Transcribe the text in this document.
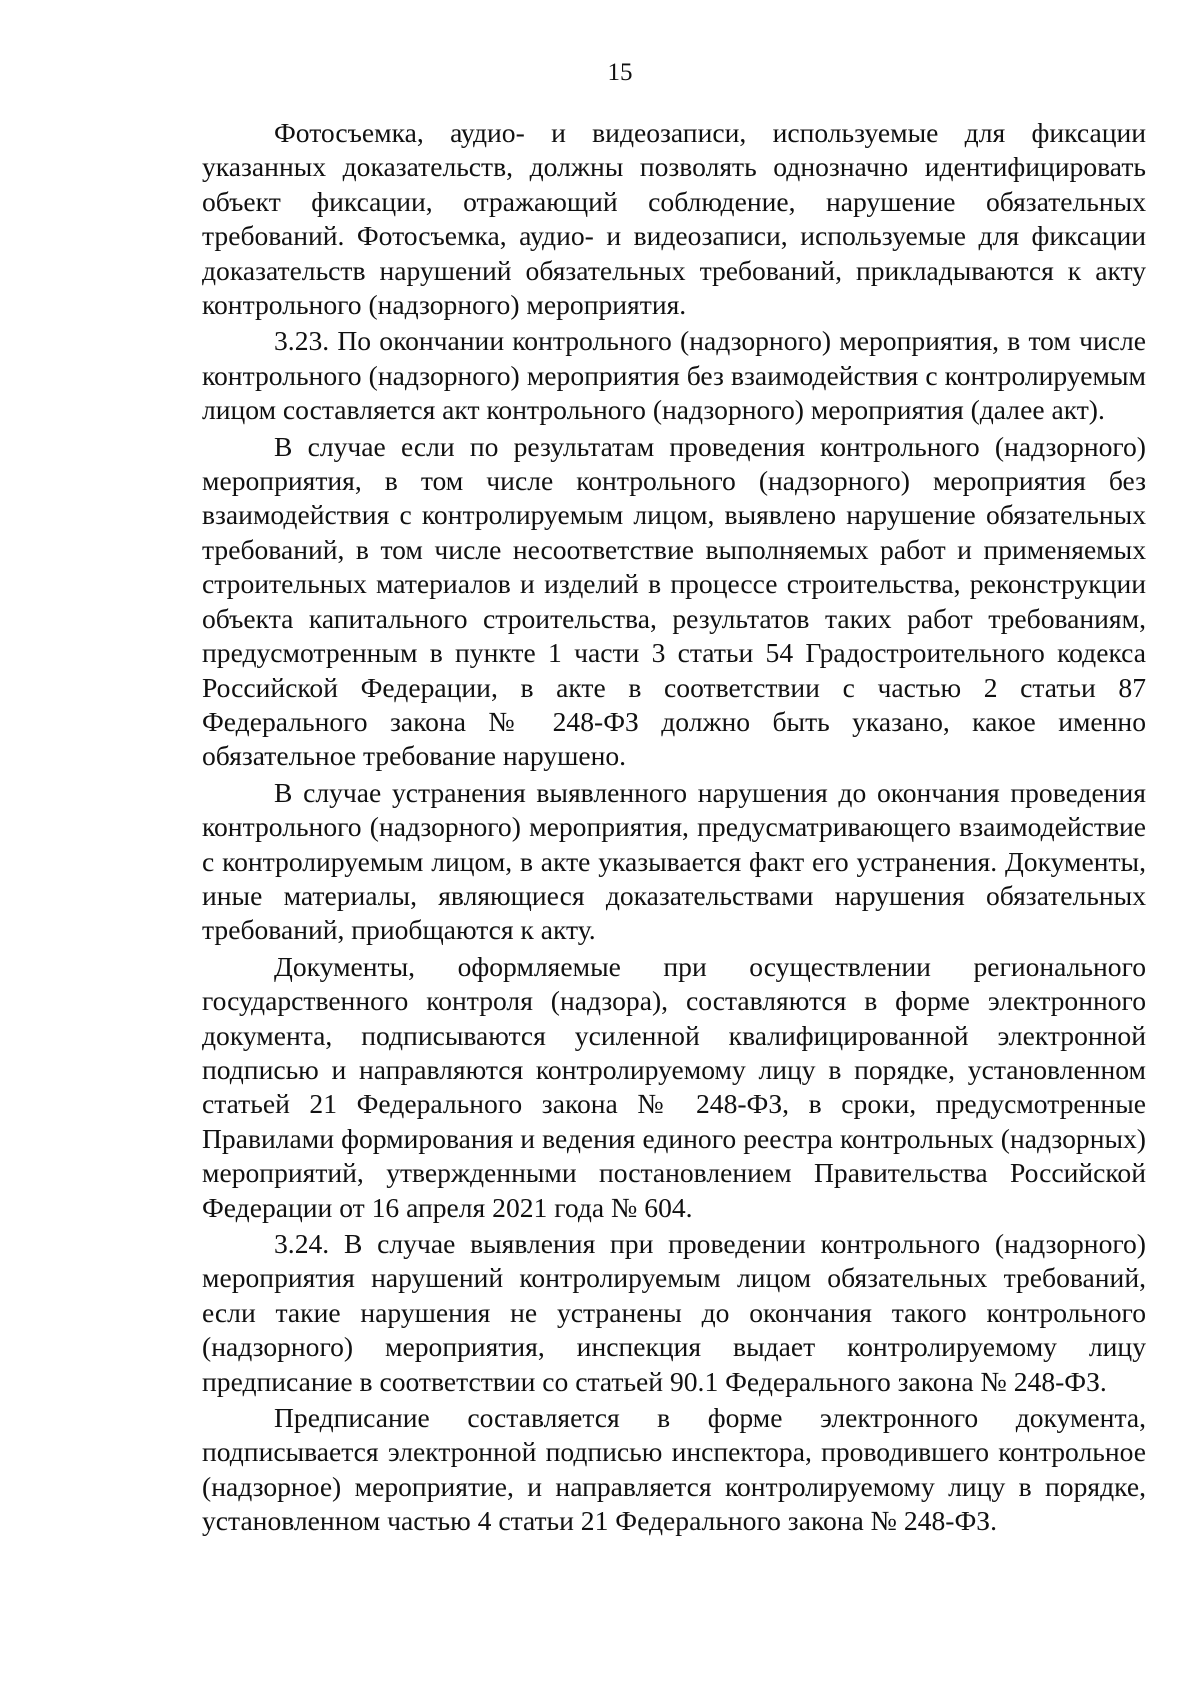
15

Фотосъемка, аудио- и видеозаписи, используемые для фиксации указанных доказательств, должны позволять однозначно идентифицировать объект фиксации, отражающий соблюдение, нарушение обязательных требований. Фотосъемка, аудио- и видеозаписи, используемые для фиксации доказательств нарушений обязательных требований, прикладываются к акту контрольного (надзорного) мероприятия.

3.23. По окончании контрольного (надзорного) мероприятия, в том числе контрольного (надзорного) мероприятия без взаимодействия с контролируемым лицом составляется акт контрольного (надзорного) мероприятия (далее акт).

В случае если по результатам проведения контрольного (надзорного) мероприятия, в том числе контрольного (надзорного) мероприятия без взаимодействия с контролируемым лицом, выявлено нарушение обязательных требований, в том числе несоответствие выполняемых работ и применяемых строительных материалов и изделий в процессе строительства, реконструкции объекта капитального строительства, результатов таких работ требованиям, предусмотренным в пункте 1 части 3 статьи 54 Градостроительного кодекса Российской Федерации, в акте в соответствии с частью 2 статьи 87 Федерального закона № 248-ФЗ должно быть указано, какое именно обязательное требование нарушено.

В случае устранения выявленного нарушения до окончания проведения контрольного (надзорного) мероприятия, предусматривающего взаимодействие с контролируемым лицом, в акте указывается факт его устранения. Документы, иные материалы, являющиеся доказательствами нарушения обязательных требований, приобщаются к акту.

Документы, оформляемые при осуществлении регионального государственного контроля (надзора), составляются в форме электронного документа, подписываются усиленной квалифицированной электронной подписью и направляются контролируемому лицу в порядке, установленном статьей 21 Федерального закона № 248-ФЗ, в сроки, предусмотренные Правилами формирования и ведения единого реестра контрольных (надзорных) мероприятий, утвержденными постановлением Правительства Российской Федерации от 16 апреля 2021 года № 604.

3.24. В случае выявления при проведении контрольного (надзорного) мероприятия нарушений контролируемым лицом обязательных требований, если такие нарушения не устранены до окончания такого контрольного (надзорного) мероприятия, инспекция выдает контролируемому лицу предписание в соответствии со статьей 90.1 Федерального закона № 248-ФЗ.

Предписание составляется в форме электронного документа, подписывается электронной подписью инспектора, проводившего контрольное (надзорное) мероприятие, и направляется контролируемому лицу в порядке, установленном частью 4 статьи 21 Федерального закона № 248-ФЗ.
